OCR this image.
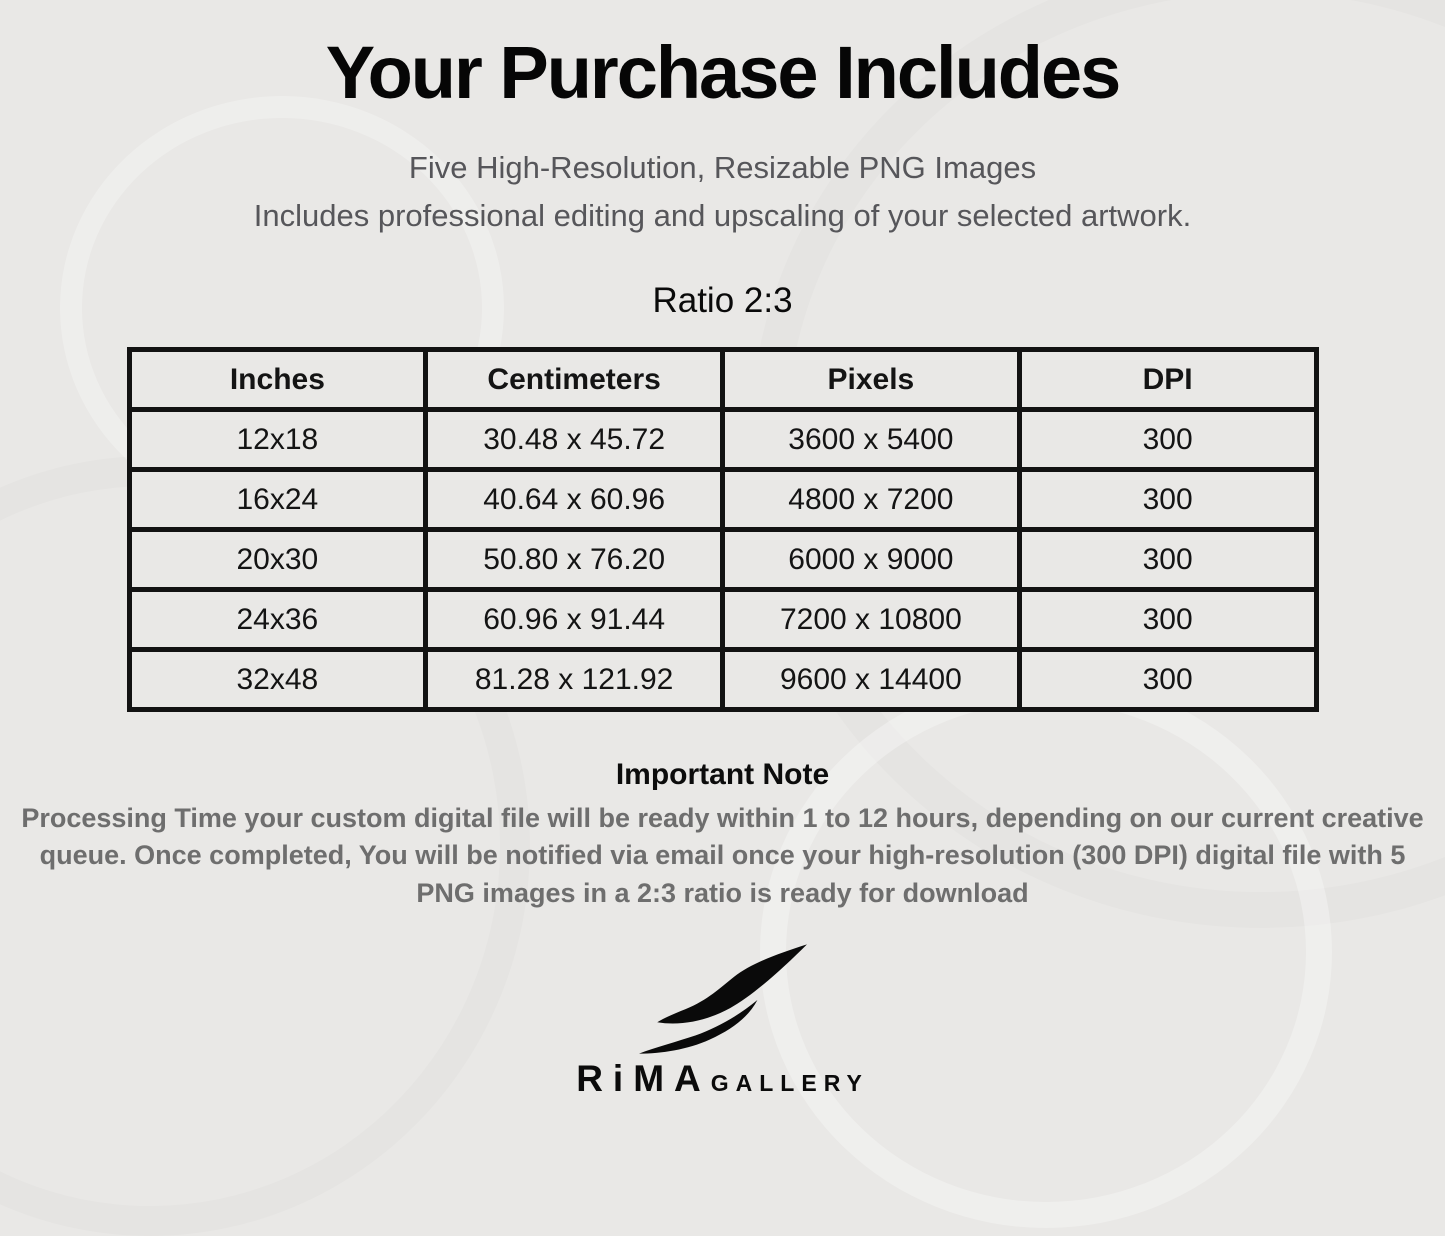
Your Purchase Includes
Five High-Resolution, Resizable PNG Images
Includes professional editing and upscaling of your selected artwork.
Ratio 2:3
Inches	Centimeters	Pixels	DPI
12x18	30.48 x 45.72	3600 x 5400	300
16x24	40.64 x 60.96	4800 x 7200	300
20x30	50.80 x 76.20	6000 x 9000	300
24x36	60.96 x 91.44	7200 x 10800	300
32x48	81.28 x 121.92	9600 x 14400	300
Important Note
Processing Time your custom digital file will be ready within 1 to 12 hours, depending on our current creative queue. Once completed, You will be notified via email once your high-resolution (300 DPI) digital file with 5 PNG images in a 2:3 ratio is ready for download
RiMA GALLERY
